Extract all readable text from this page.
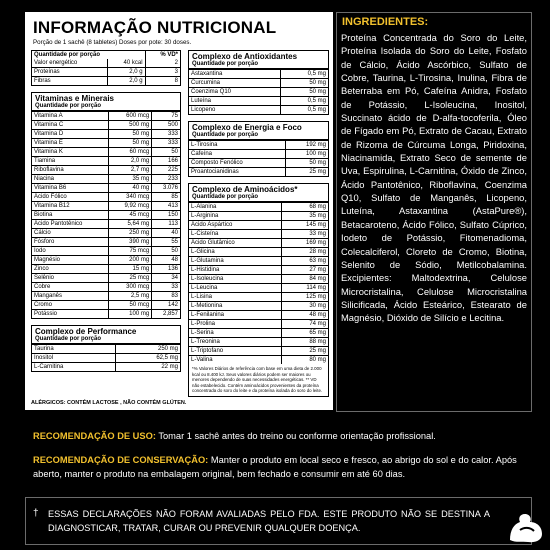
INFORMAÇÃO NUTRICIONAL
Porção de 1 sachê (8 tabletes) Doses por pote: 30 doses.
Quantidade por porção		% VD*
Valor energético	40 kcal	2
Proteínas	2,0 g	3
Fibras	2,0 g	8
Vitaminas e Minerais
Quantidade por porção
Vitamina A	600 mcg	75
Vitamina C	500 mg	500
Vitamina D	50 mg	333
Vitamina E	50 mg	333
Vitamina K	60 mcg	50
Tiamina	2,0 mg	166
Riboflavina	2,7 mg	225
Niacina	35 mg	233
Vitamina B6	40 mg	3.076
Ácido Fólico	340 mcg	85
Vitamina B12	9,92 mcg	413
Biotina	45 mcg	150
Ácido Pantotênico	5,64 mg	113
Cálcio	250 mg	40
Fósforo	390 mg	55
Iodo	75 mcg	50
Magnésio	200 mg	48
Zinco	15 mg	136
Selênio	25 mcg	34
Cobre	300 mcg	33
Manganês	2,5 mg	83
Cromo	50 mcg	142
Potássio	100 mg	2,857
Complexo de Performance
Quantidade por porção
Taurina	250 mg
Inositol	62,5 mg
L-Carnitina	22 mg
Complexo de Antioxidantes
Quantidade por porção
Astaxantina	0,5 mg
Curcumina	50 mg
Coenzima Q10	50 mg
Luteína	0,5 mg
Licopeno	0,5 mg
Complexo de Energia e Foco
Quantidade por porção
L-Tirosina	192 mg
Cafeína	100 mg
Composto Fenólico	50 mg
Proantocianidinas	25 mg
Complexo de Aminoácidos*
Quantidade por porção
L-Alanina	68 mg
L-Arginina	35 mg
Ácido Aspártico	145 mg
L-Cisteína	33 mg
Ácido Glutâmico	169 mg
L-Glicina	28 mg
L-Glutamina	63 mg
L-Histidina	27 mg
L-Isoleucina	84 mg
L-Leucina	114 mg
L-Lisina	125 mg
L-Metionina	30 mg
L-Fenilanina	48 mg
L-Prolina	74 mg
L-Serina	65 mg
L-Treonina	88 mg
L-Triptofano	25 mg
L-Valina	80 mg
*% Valores Diários de referência com base em uma dieta de 2.000 kcal ou 8.400 kJ. Seus valores diários podem ser maiores ou menores dependendo de suas necessidades energéticas. ** VD não estabelecido. Contém aminoácidos provenientes da proteína concentrada do soro do leite e da proteína isolada do soro do leite.
ALÉRGICOS: CONTÉM LACTOSE , NÃO CONTÉM GLÚTEN.
INGREDIENTES:
Proteína Concentrada do Soro do Leite, Proteína Isolada do Soro do Leite, Fosfato de Cálcio, Ácido Ascórbico, Sulfato de Cobre, Taurina, L-Tirosina, Inulina, Fibra de Beterraba em Pó, Cafeína Anidra, Fosfato de Potássio, L-Isoleucina, Inositol, Succinato ácido de D-alfa-tocoferila, Óleo de Fígado em Pó, Extrato de Cacau, Extrato de Rizoma de Cúrcuma Longa, Piridoxina, Niacinamida, Extrato Seco de semente de Uva, Espirulina, L-Carnitina, Óxido de Zinco, Ácido Pantotênico, Riboflavina, Coenzima Q10, Sulfato de Manganês, Licopeno, Luteína, Astaxantina (AstaPure®), Betacaroteno, Ácido Fólico, Sulfato Cúprico, Iodeto de Potássio, Fitomenadioma, Colecalciferol, Cloreto de Cromo, Biotina, Selenito de Sódio, Metilcobalamina. Excipientes: Maltodextrina, Celulose Microcristalina, Celulose Microcristalina Silicificada, Ácido Esteárico, Estearato de Magnésio, Dióxido de Silício e Lecitina.
RECOMENDAÇÃO DE USO: Tomar 1 sachê antes do treino ou conforme orientação profissional.
RECOMENDAÇÃO DE CONSERVAÇÃO: Manter o produto em local seco e fresco, ao abrigo do sol e do calor. Após aberto, manter o produto na embalagem original, bem fechado e consumir em até 60 dias.
† ESSAS DECLARAÇÕES NÃO FORAM AVALIADAS PELO FDA. ESTE PRODUTO NÃO SE DESTINA A DIAGNOSTICAR, TRATAR, CURAR OU PREVENIR QUALQUER DOENÇA.
